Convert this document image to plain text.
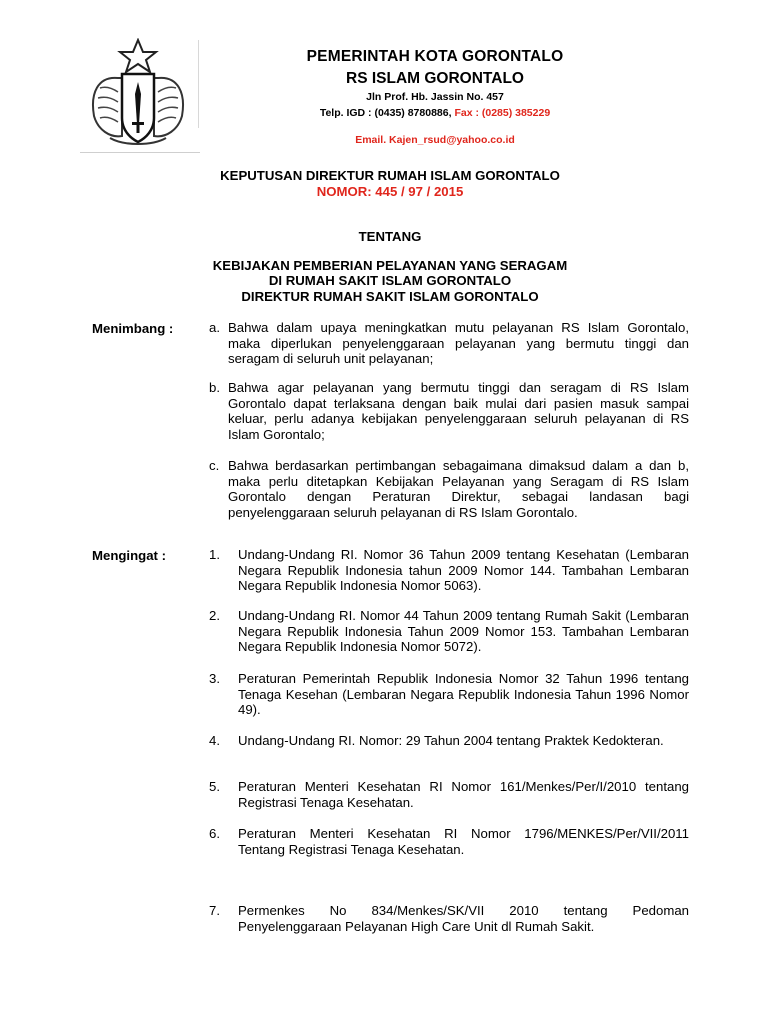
PEMERINTAH KOTA GORONTALO
RS ISLAM GORONTALO
Jln Prof. Hb. Jassin No. 457
Telp. IGD : (0435) 8780886, Fax : (0285) 385229
Email. Kajen_rsud@yahoo.co.id
KEPUTUSAN DIREKTUR RUMAH ISLAM GORONTALO
NOMOR: 445 / 97 / 2015
TENTANG
KEBIJAKAN PEMBERIAN PELAYANAN YANG SERAGAM
DI RUMAH SAKIT ISLAM GORONTALO
DIREKTUR RUMAH SAKIT ISLAM GORONTALO
Menimbang :	a. Bahwa dalam upaya meningkatkan mutu pelayanan RS Islam Gorontalo, maka diperlukan penyelenggaraan pelayanan yang bermutu tinggi dan seragam di seluruh unit pelayanan;
b. Bahwa agar pelayanan yang bermutu tinggi dan seragam di RS Islam Gorontalo dapat terlaksana dengan baik mulai dari pasien masuk sampai keluar, perlu adanya kebijakan penyelenggaraan seluruh pelayanan di RS Islam Gorontalo;
c. Bahwa berdasarkan pertimbangan sebagaimana dimaksud dalam a dan b, maka perlu ditetapkan Kebijakan Pelayanan yang Seragam di RS Islam Gorontalo dengan Peraturan Direktur, sebagai landasan bagi penyelenggaraan seluruh pelayanan di RS Islam Gorontalo.
Mengingat :	1. Undang-Undang RI. Nomor 36 Tahun 2009 tentang Kesehatan (Lembaran Negara Republik Indonesia tahun 2009 Nomor 144. Tambahan Lembaran Negara Republik Indonesia Nomor 5063).
2. Undang-Undang RI. Nomor 44 Tahun 2009 tentang Rumah Sakit (Lembaran Negara Republik Indonesia Tahun 2009 Nomor 153. Tambahan Lembaran Negara Republik Indonesia Nomor 5072).
3. Peraturan Pemerintah Republik Indonesia Nomor 32 Tahun 1996 tentang Tenaga Kesehan (Lembaran Negara Republik Indonesia Tahun 1996 Nomor 49).
4. Undang-Undang RI. Nomor: 29 Tahun 2004 tentang Praktek Kedokteran.
5. Peraturan Menteri Kesehatan RI Nomor 161/Menkes/Per/I/2010 tentang Registrasi Tenaga Kesehatan.
6. Peraturan Menteri Kesehatan RI Nomor 1796/MENKES/Per/VII/2011 Tentang Registrasi Tenaga Kesehatan.
7. Permenkes No 834/Menkes/SK/VII 2010 tentang Pedoman Penyelenggaraan Pelayanan High Care Unit dl Rumah Sakit.
